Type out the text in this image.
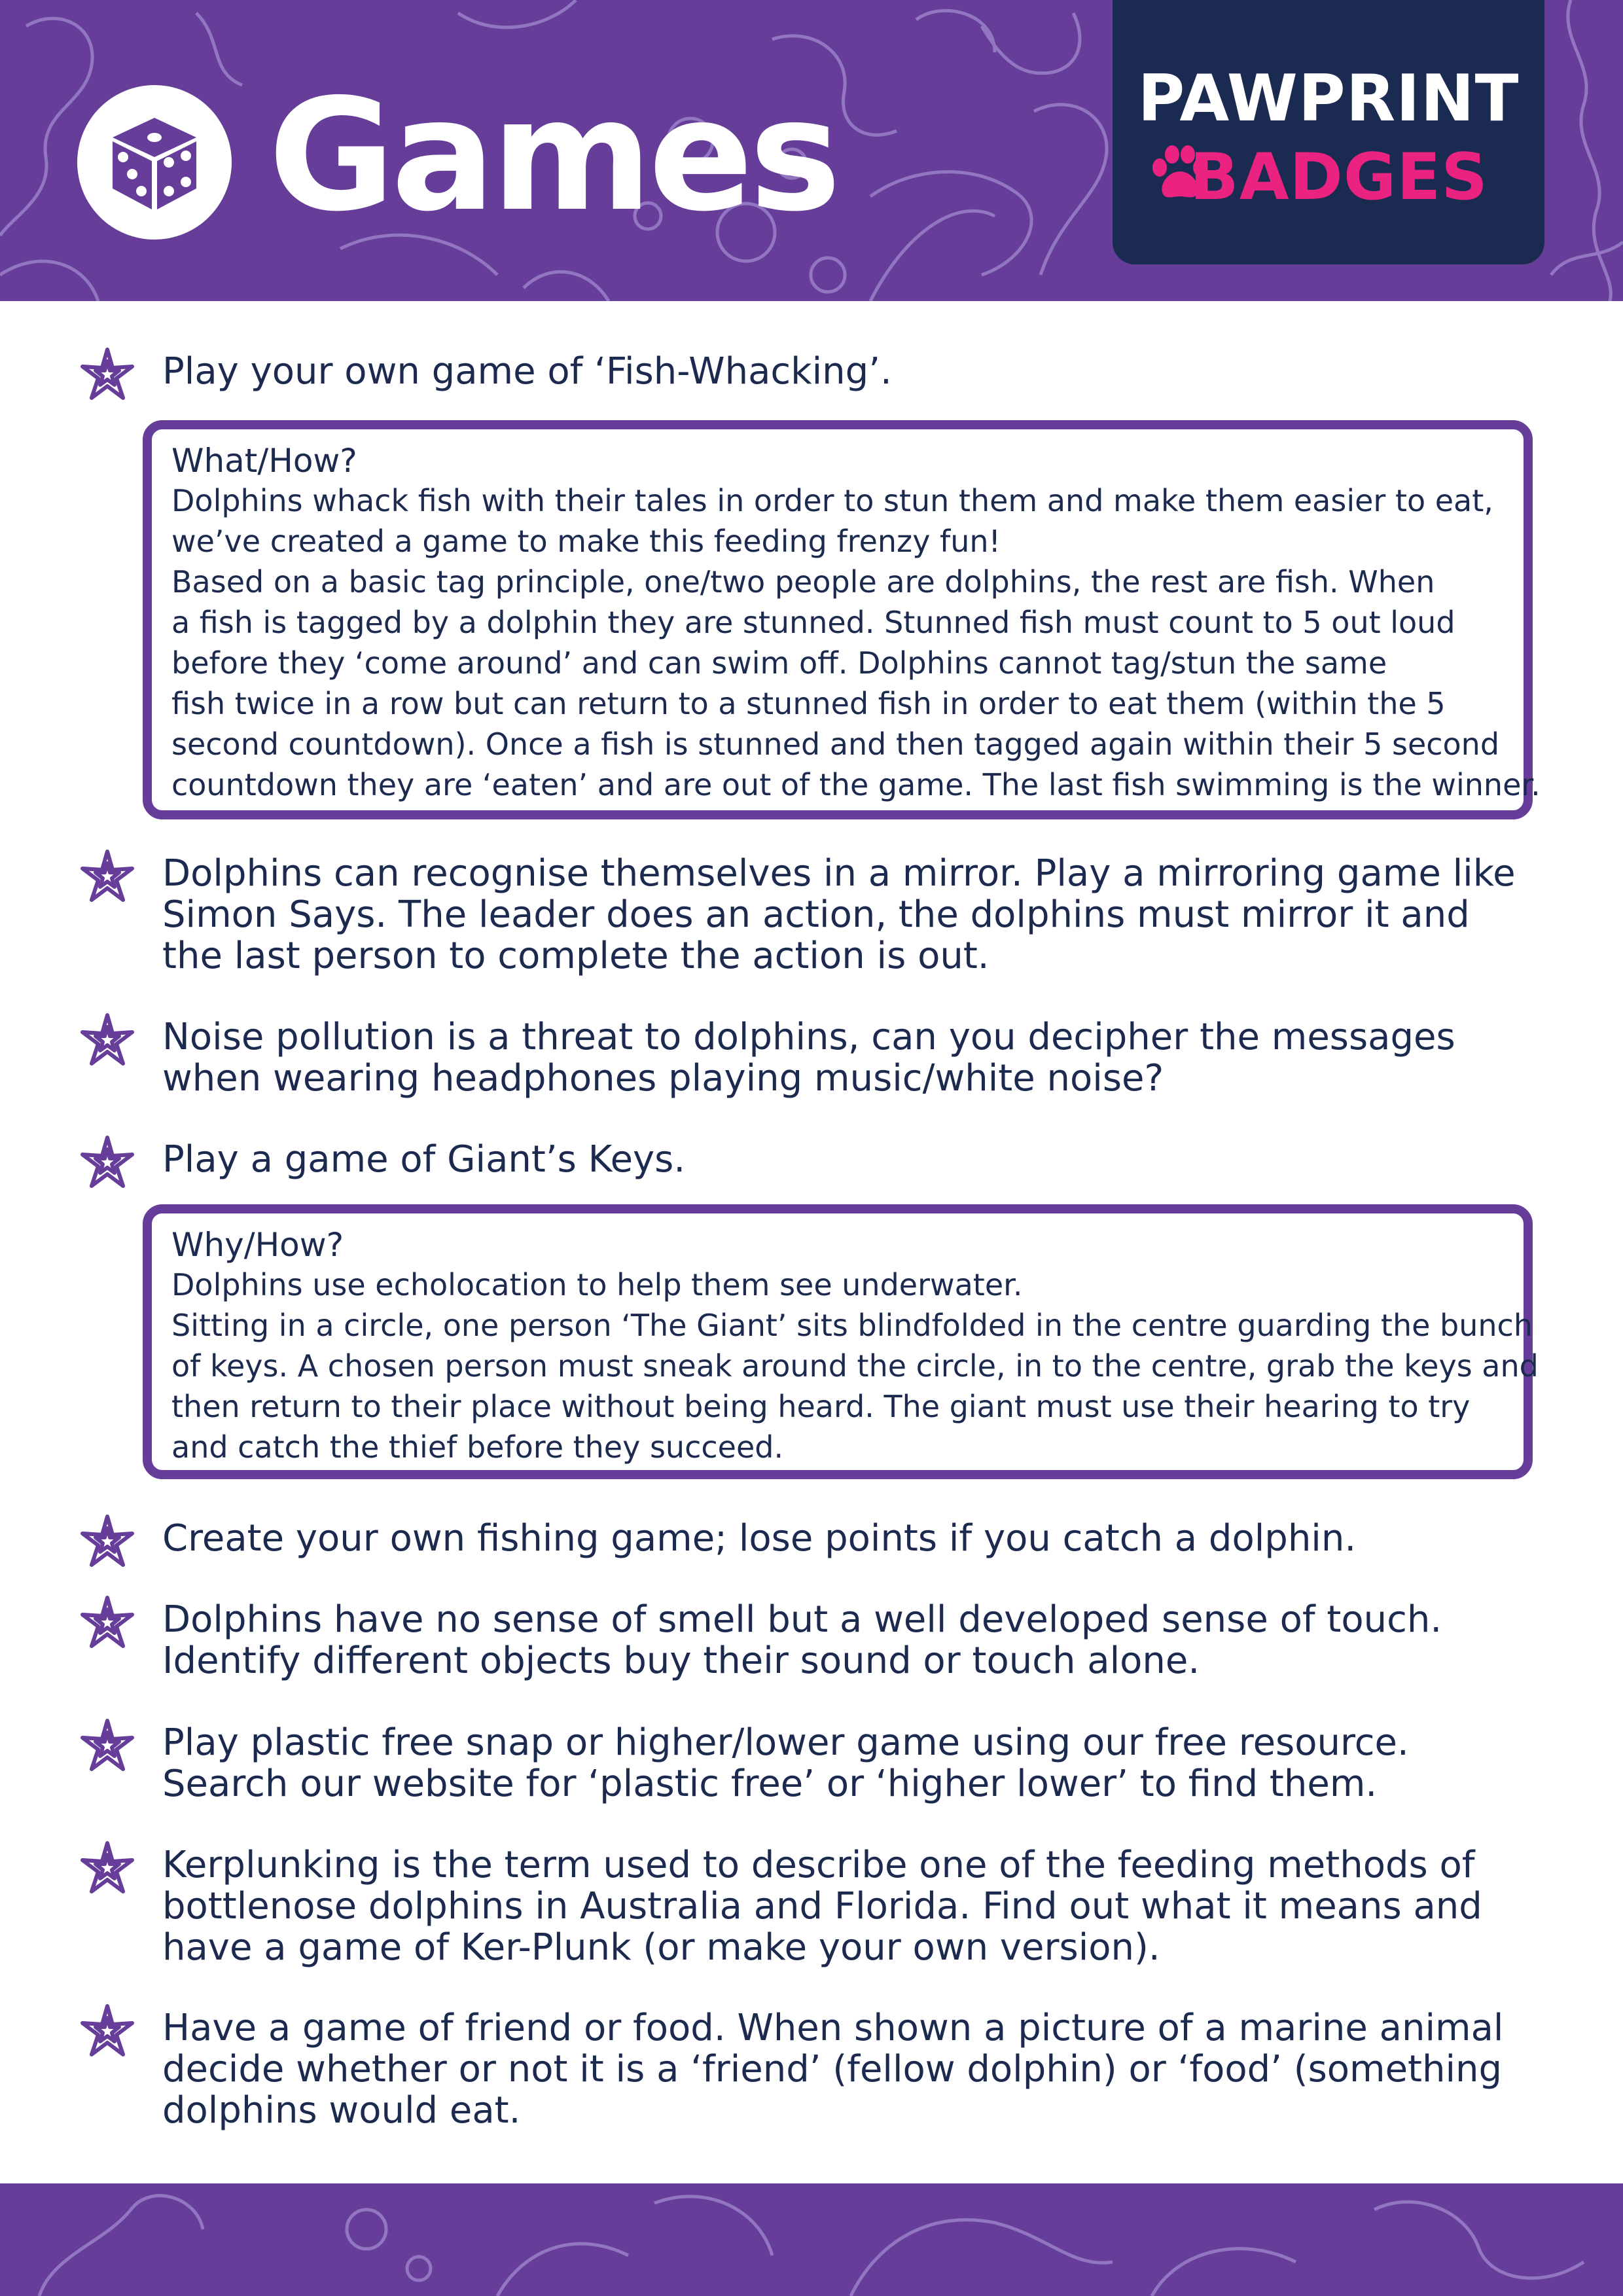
Games	PAWPRINT
BADGES
Play your own game of ‘Fish-Whacking’.
What/How?
Dolphins whack fish with their tales in order to stun them and make them easier to eat,
we’ve created a game to make this feeding frenzy fun!
Based on a basic tag principle, one/two people are dolphins, the rest are fish. When
a fish is tagged by a dolphin they are stunned. Stunned fish must count to 5 out loud
before they ‘come around’ and can swim off. Dolphins cannot tag/stun the same
fish twice in a row but can return to a stunned fish in order to eat them (within the 5
second countdown). Once a fish is stunned and then tagged again within their 5 second
countdown they are ‘eaten’ and are out of the game. The last fish swimming is the winner.
Dolphins can recognise themselves in a mirror. Play a mirroring game like Simon Says. The leader does an action, the dolphins must mirror it and the last person to complete the action is out.
Noise pollution is a threat to dolphins, can you decipher the messages when wearing headphones playing music/white noise?
Play a game of Giant’s Keys.
Why/How?
Dolphins use echolocation to help them see underwater.
Sitting in a circle, one person ‘The Giant’ sits blindfolded in the centre guarding the bunch
of keys. A chosen person must sneak around the circle, in to the centre, grab the keys and
then return to their place without being heard. The giant must use their hearing to try
and catch the thief before they succeed.
Create your own fishing game; lose points if you catch a dolphin.
Dolphins have no sense of smell but a well developed sense of touch. Identify different objects buy their sound or touch alone.
Play plastic free snap or higher/lower game using our free resource. Search our website for ‘plastic free’ or ‘higher lower’ to find them.
Kerplunking is the term used to describe one of the feeding methods of bottlenose dolphins in Australia and Florida. Find out what it means and have a game of Ker-Plunk (or make your own version).
Have a game of friend or food. When shown a picture of a marine animal decide whether or not it is a ‘friend’ (fellow dolphin) or ‘food’ (something dolphins would eat.
